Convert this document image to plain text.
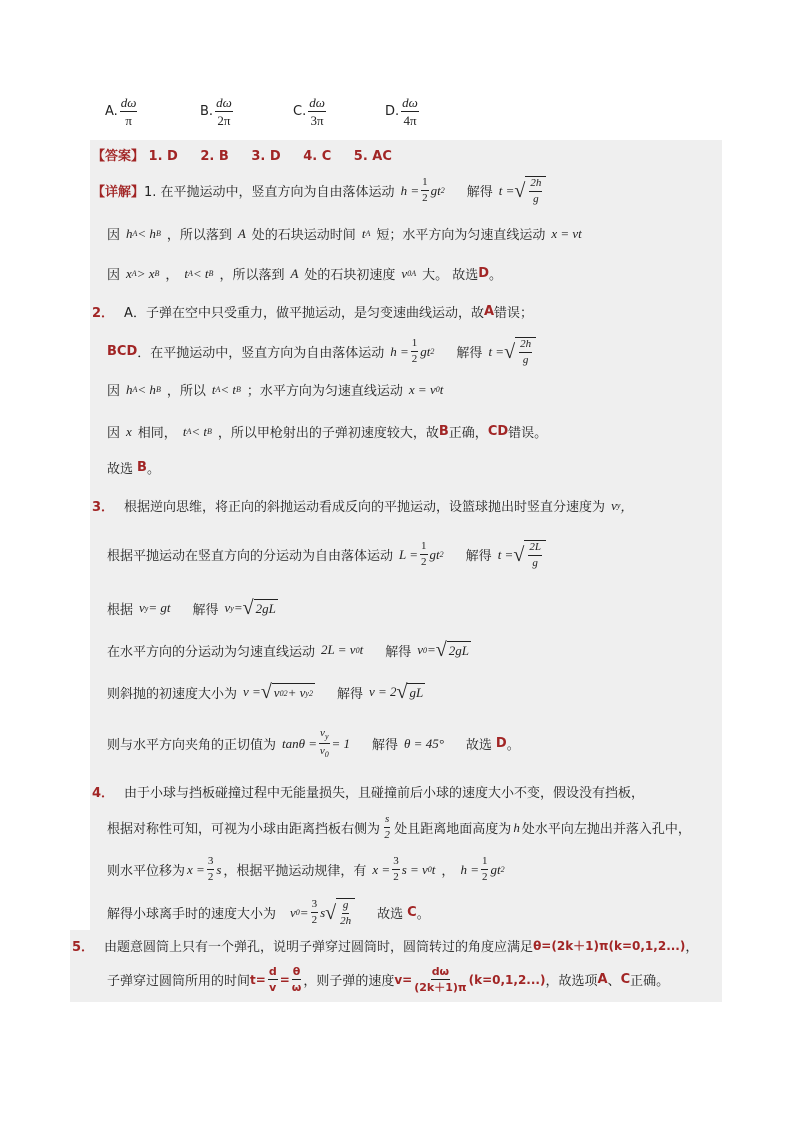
A. $\frac{d\omega}{\pi}$	B. $\frac{d\omega}{2\pi}$	C. $\frac{d\omega}{3\pi}$	D. $\frac{d\omega}{4\pi}$
【答案】 1. D 2. B 3. D 4. C 5. AC
【详解】 1. 在平抛运动中，竖直方向为自由落体运动 $h = \frac{1}{2}$ gt 2 解得 t = √ $\frac{2h}{g}$
因 h A < h B ，所以落到 A 处的石块运动时间 t A 短；水平方向为匀速直线运动 x = vt
因 x A > x B ， t A < t B ，所以落到 A 处的石块初速度 v 0A 大。 故选 D 。
2． A．子弹在空中只受重力，做平抛运动，是匀变速曲线运动，故 A 错误；
BCD ．在平抛运动中，竖直方向为自由落体运动 $h = \frac{1}{2}$ gt 2 解得 t = √ $\frac{2h}{g}$
因 h A < h B ，所以 t A < t B ；水平方向为匀速直线运动 x = v 0 t
因 x 相同， t A < t B ，所以甲枪射出的子弹初速度较大，故 B 正确， CD 错误。
故选 B 。
3． 根据逆向思维，将正向的斜抛运动看成反向的平抛运动，设篮球抛出时竖直分速度为 v y ，
根据平抛运动在竖直方向的分运动为自由落体运动 $L = \frac{1}{2}$ gt 2 解得 t = √ $\frac{2L}{g}$
根据 v y = gt 解得 v y = √ 2gL
在水平方向的分运动为匀速直线运动 2L = v 0 t 解得 v 0 = √ 2gL
则斜抛的初速度大小为 v = √ v 0 2 + v y 2 解得 v = 2 √ gL
则与水平方向夹角的正切值为 $\tan\theta = \frac{v_y}{v_0} = 1$ 解得 θ = 45° 故选 D 。
4． 由于小球与挡板碰撞过程中无能量损失，且碰撞前后小球的速度大小不变，假设没有挡板，
根据对称性可知，可视为小球由距离挡板右侧为 $\frac{s}{2}$ 处且距离地面高度为 h 处水平向左抛出并落入孔中，
则水平位移为 $x = \frac{3}{2}$ s ，根据平抛运动规律，有 $x = \frac{3}{2}$ s = v 0 t ， $h = \frac{1}{2}$ gt 2
解得小球离手时的速度大小为 v $0 = \frac{3}{2}$ s √ $\frac{g}{2h}$ 故选 C 。
5． 由题意圆筒上只有一个弹孔，说明子弹穿过圆筒时，圆筒转过的角度应满足 θ=(2k＋1)π(k=0,1,2...) ，
子弹穿过圆筒所用的时间 $t= \frac{d}{v} = \frac{\theta}{\omega}$ ，则子弹的速度 $v= \frac{d\omega}{(2k+1)\pi} (k=0,1,2...)$ ，故选项 A 、 C 正确。
